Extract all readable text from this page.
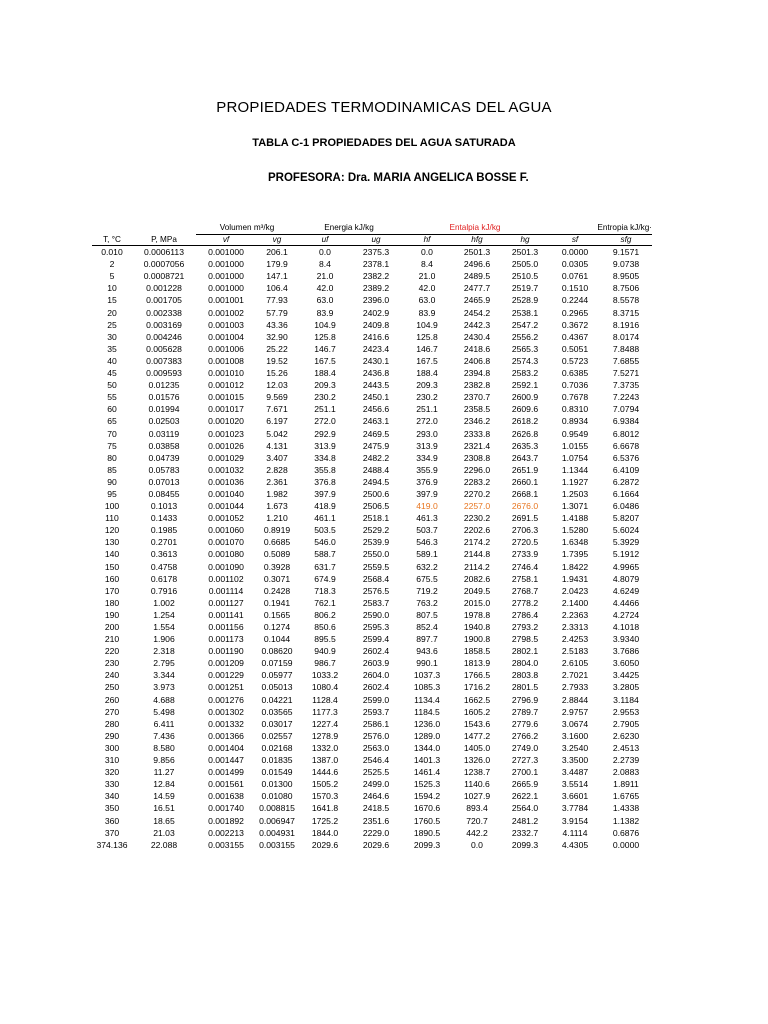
PROPIEDADES TERMODINAMICAS DEL AGUA
TABLA C-1 PROPIEDADES DEL AGUA SATURADA
PROFESORA: Dra. MARIA ANGELICA BOSSE F.
		Volumen m³/kg		Energia kJ/kg		Entalpia kJ/kg			Entropia kJ/kg·	
T, °C	P, MPa	vf	vg	uf	ug	hf	hfg	hg	sf	sfg
0.010	0.0006113	0.001000	206.1	0.0	2375.3	0.0	2501.3	2501.3	0.0000	9.1571
2	0.0007056	0.001000	179.9	8.4	2378.1	8.4	2496.6	2505.0	0.0305	9.0738
5	0.0008721	0.001000	147.1	21.0	2382.2	21.0	2489.5	2510.5	0.0761	8.9505
10	0.001228	0.001000	106.4	42.0	2389.2	42.0	2477.7	2519.7	0.1510	8.7506
15	0.001705	0.001001	77.93	63.0	2396.0	63.0	2465.9	2528.9	0.2244	8.5578
20	0.002338	0.001002	57.79	83.9	2402.9	83.9	2454.2	2538.1	0.2965	8.3715
25	0.003169	0.001003	43.36	104.9	2409.8	104.9	2442.3	2547.2	0.3672	8.1916
30	0.004246	0.001004	32.90	125.8	2416.6	125.8	2430.4	2556.2	0.4367	8.0174
35	0.005628	0.001006	25.22	146.7	2423.4	146.7	2418.6	2565.3	0.5051	7.8488
40	0.007383	0.001008	19.52	167.5	2430.1	167.5	2406.8	2574.3	0.5723	7.6855
45	0.009593	0.001010	15.26	188.4	2436.8	188.4	2394.8	2583.2	0.6385	7.5271
50	0.01235	0.001012	12.03	209.3	2443.5	209.3	2382.8	2592.1	0.7036	7.3735
55	0.01576	0.001015	9.569	230.2	2450.1	230.2	2370.7	2600.9	0.7678	7.2243
60	0.01994	0.001017	7.671	251.1	2456.6	251.1	2358.5	2609.6	0.8310	7.0794
65	0.02503	0.001020	6.197	272.0	2463.1	272.0	2346.2	2618.2	0.8934	6.9384
70	0.03119	0.001023	5.042	292.9	2469.5	293.0	2333.8	2626.8	0.9549	6.8012
75	0.03858	0.001026	4.131	313.9	2475.9	313.9	2321.4	2635.3	1.0155	6.6678
80	0.04739	0.001029	3.407	334.8	2482.2	334.9	2308.8	2643.7	1.0754	6.5376
85	0.05783	0.001032	2.828	355.8	2488.4	355.9	2296.0	2651.9	1.1344	6.4109
90	0.07013	0.001036	2.361	376.8	2494.5	376.9	2283.2	2660.1	1.1927	6.2872
95	0.08455	0.001040	1.982	397.9	2500.6	397.9	2270.2	2668.1	1.2503	6.1664
100	0.1013	0.001044	1.673	418.9	2506.5	419.0	2257.0	2676.0	1.3071	6.0486
110	0.1433	0.001052	1.210	461.1	2518.1	461.3	2230.2	2691.5	1.4188	5.8207
120	0.1985	0.001060	0.8919	503.5	2529.2	503.7	2202.6	2706.3	1.5280	5.6024
130	0.2701	0.001070	0.6685	546.0	2539.9	546.3	2174.2	2720.5	1.6348	5.3929
140	0.3613	0.001080	0.5089	588.7	2550.0	589.1	2144.8	2733.9	1.7395	5.1912
150	0.4758	0.001090	0.3928	631.7	2559.5	632.2	2114.2	2746.4	1.8422	4.9965
160	0.6178	0.001102	0.3071	674.9	2568.4	675.5	2082.6	2758.1	1.9431	4.8079
170	0.7916	0.001114	0.2428	718.3	2576.5	719.2	2049.5	2768.7	2.0423	4.6249
180	1.002	0.001127	0.1941	762.1	2583.7	763.2	2015.0	2778.2	2.1400	4.4466
190	1.254	0.001141	0.1565	806.2	2590.0	807.5	1978.8	2786.4	2.2363	4.2724
200	1.554	0.001156	0.1274	850.6	2595.3	852.4	1940.8	2793.2	2.3313	4.1018
210	1.906	0.001173	0.1044	895.5	2599.4	897.7	1900.8	2798.5	2.4253	3.9340
220	2.318	0.001190	0.08620	940.9	2602.4	943.6	1858.5	2802.1	2.5183	3.7686
230	2.795	0.001209	0.07159	986.7	2603.9	990.1	1813.9	2804.0	2.6105	3.6050
240	3.344	0.001229	0.05977	1033.2	2604.0	1037.3	1766.5	2803.8	2.7021	3.4425
250	3.973	0.001251	0.05013	1080.4	2602.4	1085.3	1716.2	2801.5	2.7933	3.2805
260	4.688	0.001276	0.04221	1128.4	2599.0	1134.4	1662.5	2796.9	2.8844	3.1184
270	5.498	0.001302	0.03565	1177.3	2593.7	1184.5	1605.2	2789.7	2.9757	2.9553
280	6.411	0.001332	0.03017	1227.4	2586.1	1236.0	1543.6	2779.6	3.0674	2.7905
290	7.436	0.001366	0.02557	1278.9	2576.0	1289.0	1477.2	2766.2	3.1600	2.6230
300	8.580	0.001404	0.02168	1332.0	2563.0	1344.0	1405.0	2749.0	3.2540	2.4513
310	9.856	0.001447	0.01835	1387.0	2546.4	1401.3	1326.0	2727.3	3.3500	2.2739
320	11.27	0.001499	0.01549	1444.6	2525.5	1461.4	1238.7	2700.1	3.4487	2.0883
330	12.84	0.001561	0.01300	1505.2	2499.0	1525.3	1140.6	2665.9	3.5514	1.8911
340	14.59	0.001638	0.01080	1570.3	2464.6	1594.2	1027.9	2622.1	3.6601	1.6765
350	16.51	0.001740	0.008815	1641.8	2418.5	1670.6	893.4	2564.0	3.7784	1.4338
360	18.65	0.001892	0.006947	1725.2	2351.6	1760.5	720.7	2481.2	3.9154	1.1382
370	21.03	0.002213	0.004931	1844.0	2229.0	1890.5	442.2	2332.7	4.1114	0.6876
374.136	22.088	0.003155	0.003155	2029.6	2029.6	2099.3	0.0	2099.3	4.4305	0.0000
